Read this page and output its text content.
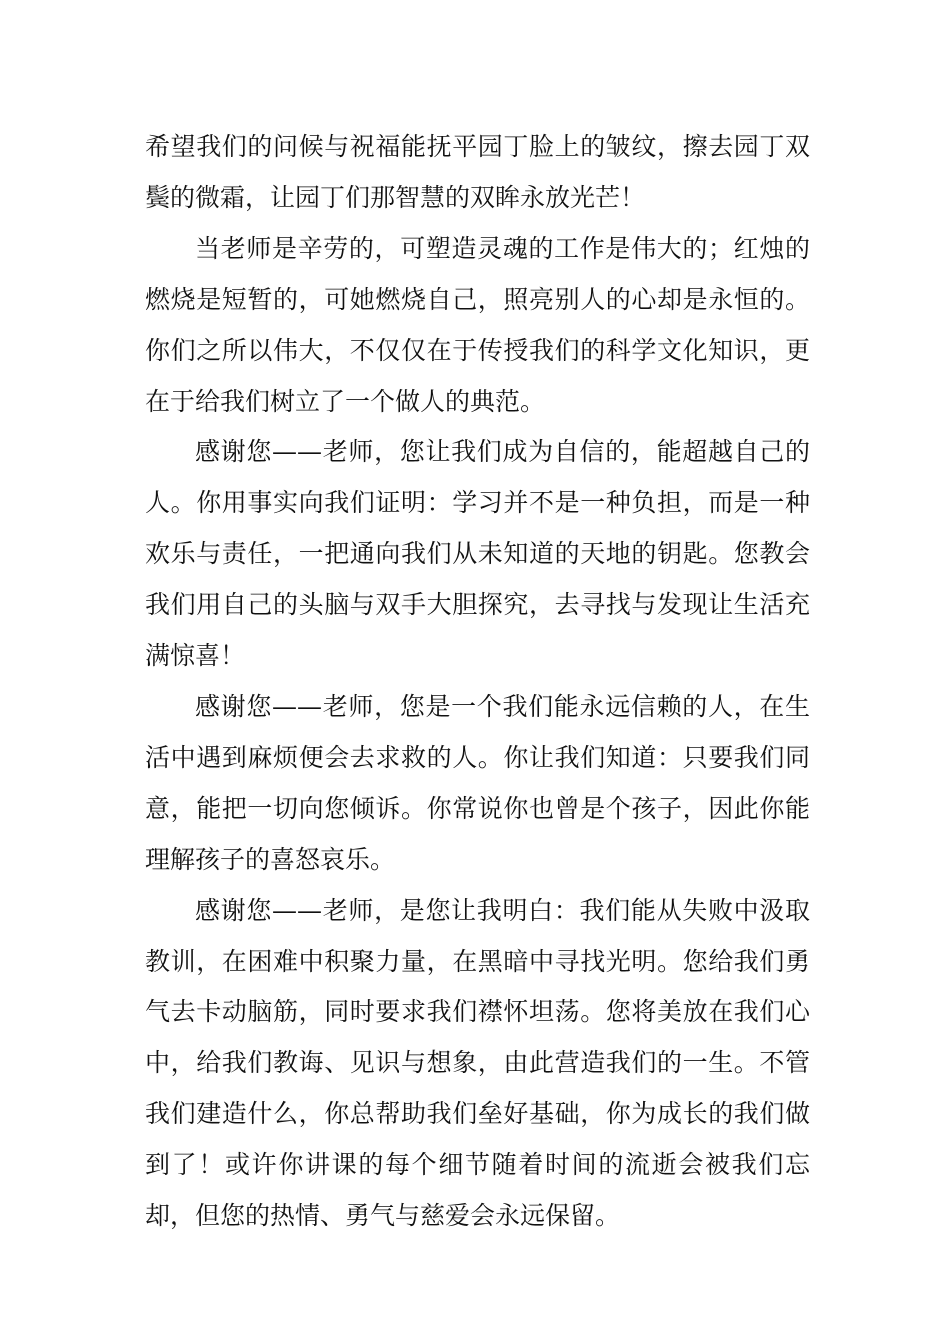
希望我们的问候与祝福能抚平园丁脸上的皱纹，擦去园丁双鬓的微霜，让园丁们那智慧的双眸永放光芒！

当老师是辛劳的，可塑造灵魂的工作是伟大的；红烛的燃烧是短暂的，可她燃烧自己，照亮别人的心却是永恒的。你们之所以伟大，不仅仅在于传授我们的科学文化知识，更在于给我们树立了一个做人的典范。

感谢您——老师，您让我们成为自信的，能超越自己的人。你用事实向我们证明：学习并不是一种负担，而是一种欢乐与责任，一把通向我们从未知道的天地的钥匙。您教会我们用自己的头脑与双手大胆探究，去寻找与发现让生活充满惊喜！

感谢您——老师，您是一个我们能永远信赖的人，在生活中遇到麻烦便会去求救的人。你让我们知道：只要我们同意，能把一切向您倾诉。你常说你也曾是个孩子，因此你能理解孩子的喜怒哀乐。

感谢您——老师，是您让我明白：我们能从失败中汲取教训，在困难中积聚力量，在黑暗中寻找光明。您给我们勇气去卡动脑筋，同时要求我们襟怀坦荡。您将美放在我们心中，给我们教诲、见识与想象，由此营造我们的一生。不管我们建造什么，你总帮助我们垒好基础，你为成长的我们做到了！或许你讲课的每个细节随着时间的流逝会被我们忘却，但您的热情、勇气与慈爱会永远保留。
